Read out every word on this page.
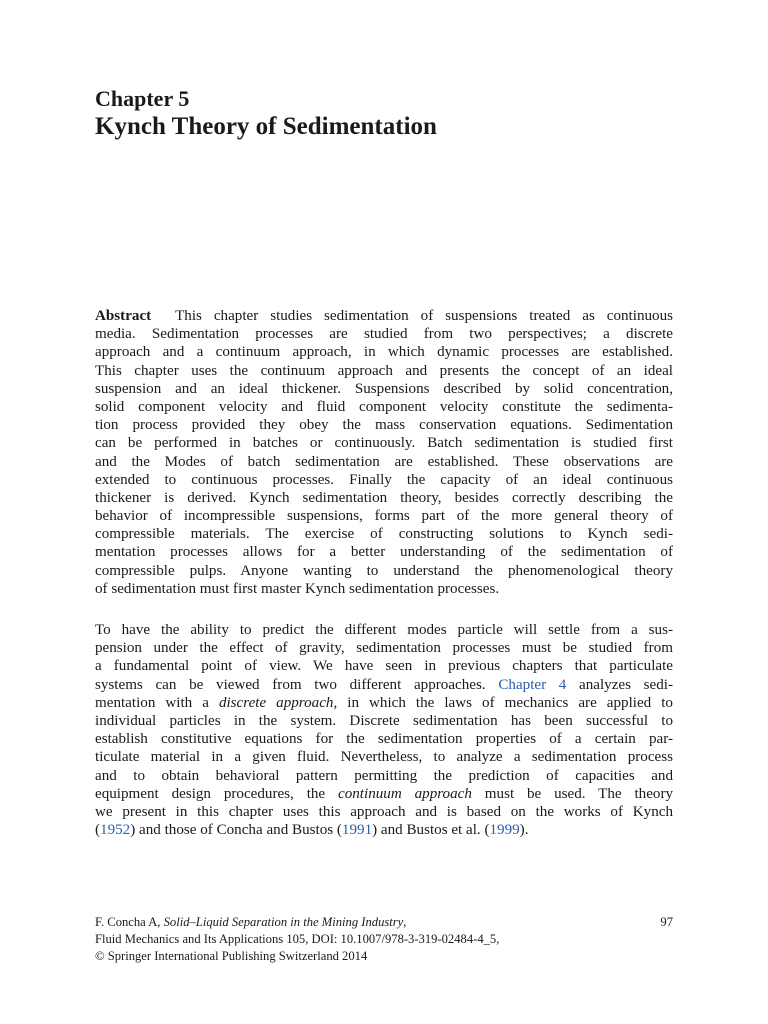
Chapter 5
Kynch Theory of Sedimentation
Abstract This chapter studies sedimentation of suspensions treated as continuous
media. Sedimentation processes are studied from two perspectives; a discrete
approach and a continuum approach, in which dynamic processes are established.
This chapter uses the continuum approach and presents the concept of an ideal
suspension and an ideal thickener. Suspensions described by solid concentration,
solid component velocity and fluid component velocity constitute the sedimenta-
tion process provided they obey the mass conservation equations. Sedimentation
can be performed in batches or continuously. Batch sedimentation is studied first
and the Modes of batch sedimentation are established. These observations are
extended to continuous processes. Finally the capacity of an ideal continuous
thickener is derived. Kynch sedimentation theory, besides correctly describing the
behavior of incompressible suspensions, forms part of the more general theory of
compressible materials. The exercise of constructing solutions to Kynch sedi-
mentation processes allows for a better understanding of the sedimentation of
compressible pulps. Anyone wanting to understand the phenomenological theory
of sedimentation must first master Kynch sedimentation processes.
To have the ability to predict the different modes particle will settle from a sus-
pension under the effect of gravity, sedimentation processes must be studied from
a fundamental point of view. We have seen in previous chapters that particulate
systems can be viewed from two different approaches. Chapter 4 analyzes sedi-
mentation with a discrete approach, in which the laws of mechanics are applied to
individual particles in the system. Discrete sedimentation has been successful to
establish constitutive equations for the sedimentation properties of a certain par-
ticulate material in a given fluid. Nevertheless, to analyze a sedimentation process
and to obtain behavioral pattern permitting the prediction of capacities and
equipment design procedures, the continuum approach must be used. The theory
we present in this chapter uses this approach and is based on the works of Kynch
(1952) and those of Concha and Bustos (1991) and Bustos et al. (1999).
F. Concha A, Solid–Liquid Separation in the Mining Industry,
Fluid Mechanics and Its Applications 105, DOI: 10.1007/978-3-319-02484-4_5,
© Springer International Publishing Switzerland 2014
97
